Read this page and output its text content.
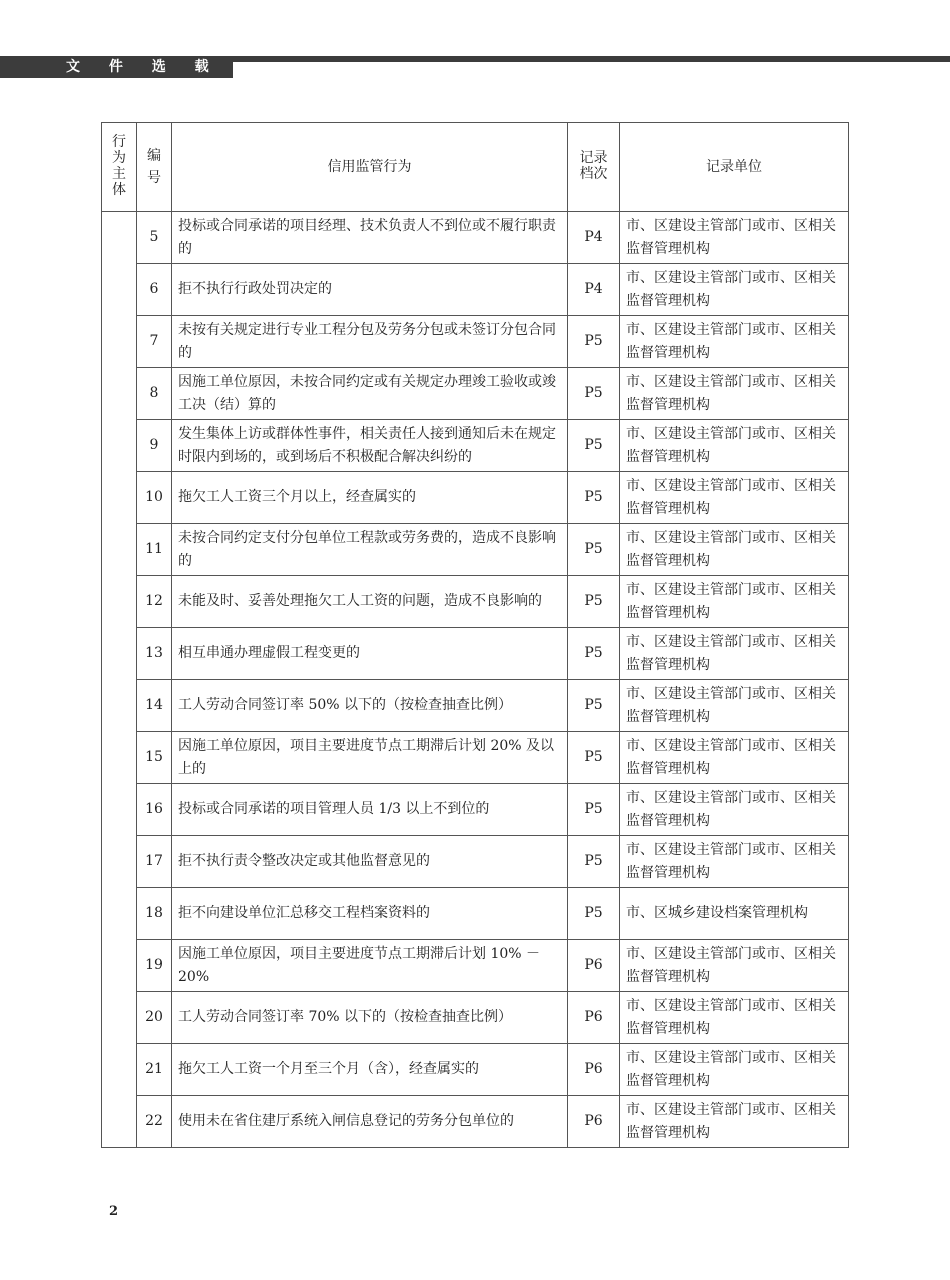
文 件 选 载
行为主体	编号	信用监管行为	记录档次	记录单位
	5	投标或合同承诺的项目经理、技术负责人不到位或不履行职责的	P4	市、区建设主管部门或市、区相关监督管理机构
	6	拒不执行行政处罚决定的	P4	市、区建设主管部门或市、区相关监督管理机构
	7	未按有关规定进行专业工程分包及劳务分包或未签订分包合同的	P5	市、区建设主管部门或市、区相关监督管理机构
	8	因施工单位原因，未按合同约定或有关规定办理竣工验收或竣工决（结）算的	P5	市、区建设主管部门或市、区相关监督管理机构
	9	发生集体上访或群体性事件，相关责任人接到通知后未在规定时限内到场的，或到场后不积极配合解决纠纷的	P5	市、区建设主管部门或市、区相关监督管理机构
	10	拖欠工人工资三个月以上，经查属实的	P5	市、区建设主管部门或市、区相关监督管理机构
	11	未按合同约定支付分包单位工程款或劳务费的，造成不良影响的	P5	市、区建设主管部门或市、区相关监督管理机构
	12	未能及时、妥善处理拖欠工人工资的问题，造成不良影响的	P5	市、区建设主管部门或市、区相关监督管理机构
	13	相互串通办理虚假工程变更的	P5	市、区建设主管部门或市、区相关监督管理机构
	14	工人劳动合同签订率 50% 以下的（按检查抽查比例）	P5	市、区建设主管部门或市、区相关监督管理机构
	15	因施工单位原因，项目主要进度节点工期滞后计划 20% 及以上的	P5	市、区建设主管部门或市、区相关监督管理机构
	16	投标或合同承诺的项目管理人员 1/3 以上不到位的	P5	市、区建设主管部门或市、区相关监督管理机构
	17	拒不执行责令整改决定或其他监督意见的	P5	市、区建设主管部门或市、区相关监督管理机构
	18	拒不向建设单位汇总移交工程档案资料的	P5	市、区城乡建设档案管理机构
	19	因施工单位原因，项目主要进度节点工期滞后计划 10% －20%	P6	市、区建设主管部门或市、区相关监督管理机构
	20	工人劳动合同签订率 70% 以下的（按检查抽查比例）	P6	市、区建设主管部门或市、区相关监督管理机构
	21	拖欠工人工资一个月至三个月（含），经查属实的	P6	市、区建设主管部门或市、区相关监督管理机构
	22	使用未在省住建厅系统入闸信息登记的劳务分包单位的	P6	市、区建设主管部门或市、区相关监督管理机构
2
